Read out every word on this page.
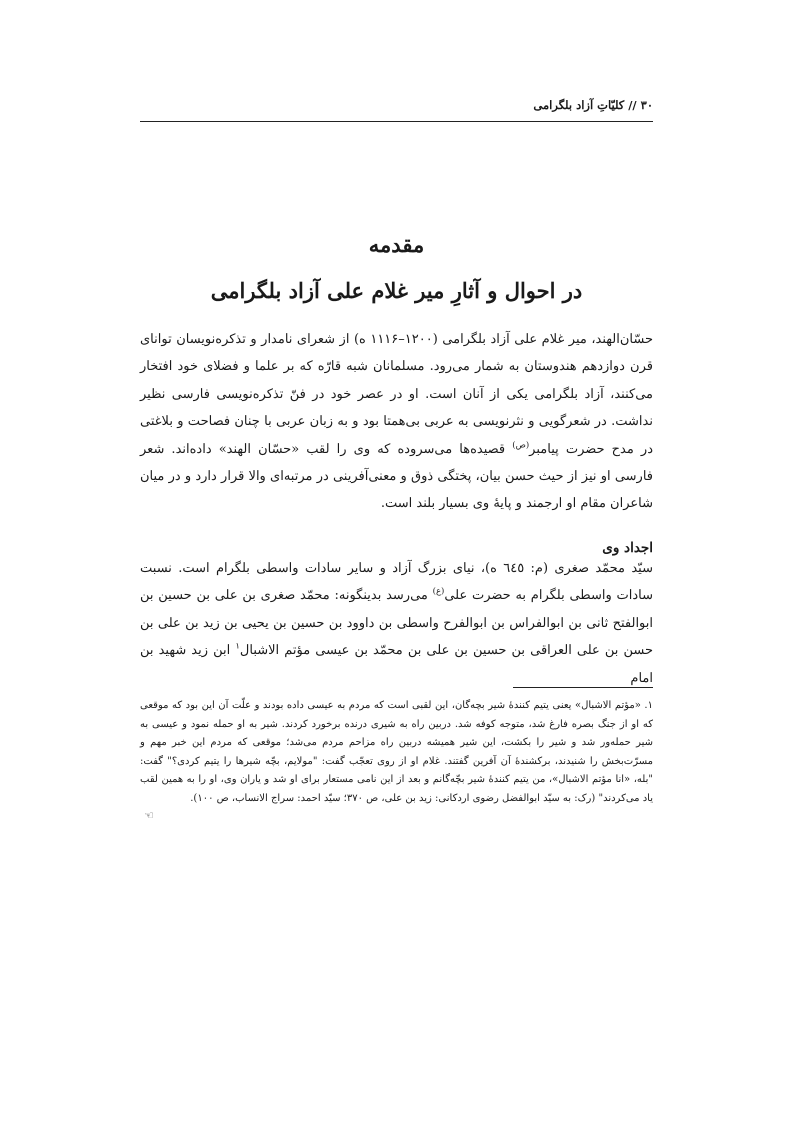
٣٠ // كلیّاتِ آزاد بلگرامی
مقدمه
در احوال و آثارِ میر غلام علی آزاد بلگرامی
حسّان‌الهند، میر غلام علی آزاد بلگرامی (۱۲۰۰–۱۱۱۶ ه) از شعرای نامدار و تذکره‌نویسان توانای قرن دوازدهم هندوستان به شمار می‌رود. مسلمانان شبه قارّه که بر علما و فضلای خود افتخار می‌کنند، آزاد بلگرامی یکی از آنان است. او در عصر خود در فنّ تذکره‌نویسی فارسی نظیر نداشت. در شعرگویی و نثرنویسی به عربی بی‌همتا بود و به زبان عربی با چنان فصاحت و بلاغتی در مدح حضرت پیامبر$^{(ص)}$ قصیده‌ها می‌سروده که وی را لقب «حسّان الهند» داده‌اند. شعر فارسی او نیز از حیث حسن بیان، پختگی ذوق و معنی‌آفرینی در مرتبه‌ای والا قرار دارد و در میان شاعران مقام او ارجمند و پایهٔ وی بسیار بلند است.
اجداد وی
سیّد محمّد صغری (م: ٦٤٥ ه)، نیای بزرگ آزاد و سایر سادات واسطی بلگرام است. نسبت سادات واسطی بلگرام به حضرت علی$^{(ع)}$ می‌رسد بدینگونه: محمّد صغری بن علی بن حسین بن ابوالفتح ثانی بن ابوالفراس بن ابوالفرح واسطی بن داوود بن حسین بن یحیی بن زید بن علی بن حسن بن علی العراقی بن حسین بن علی بن محمّد بن عیسی مؤتم الاشبال$^١$ ابن زید شهید بن امام
١. «مؤتم الاشبال» یعنی یتیم کنندهٔ شیر بچه‌گان، این لقبی است که مردم به عیسی داده بودند و علّت آن این بود که موقعی که او از جنگ بصره فارغ شد، متوجه کوفه شد. دربین راه به شیری درنده برخورد کردند. شیر به او حمله نمود و عیسی به شیر حمله‌ور شد و شیر را بکشت، این شیر همیشه دربین راه مزاحم مردم می‌شد؛ موقعی که مردم این خبر مهم و مسرّت‌بخش را شنیدند، برکشندهٔ آن آفرین گفتند. غلام او از روی تعجّب گفت: "مولایم، بچّه شیرها را یتیم کردی؟" گفت: "بله، «انا مؤتم الاشبال»، من یتیم کنندهٔ شیر بچّه‌گانم و بعد از این نامی مستعار برای او شد و یاران وی، او را به همین لقب یاد می‌کردند" (رک: به سیّد ابوالفضل رضوی اردکانی: زید بن علی، ص ٣٧٠؛ سیّد احمد: سراج الانساب، ص ١٠٠).
☜
